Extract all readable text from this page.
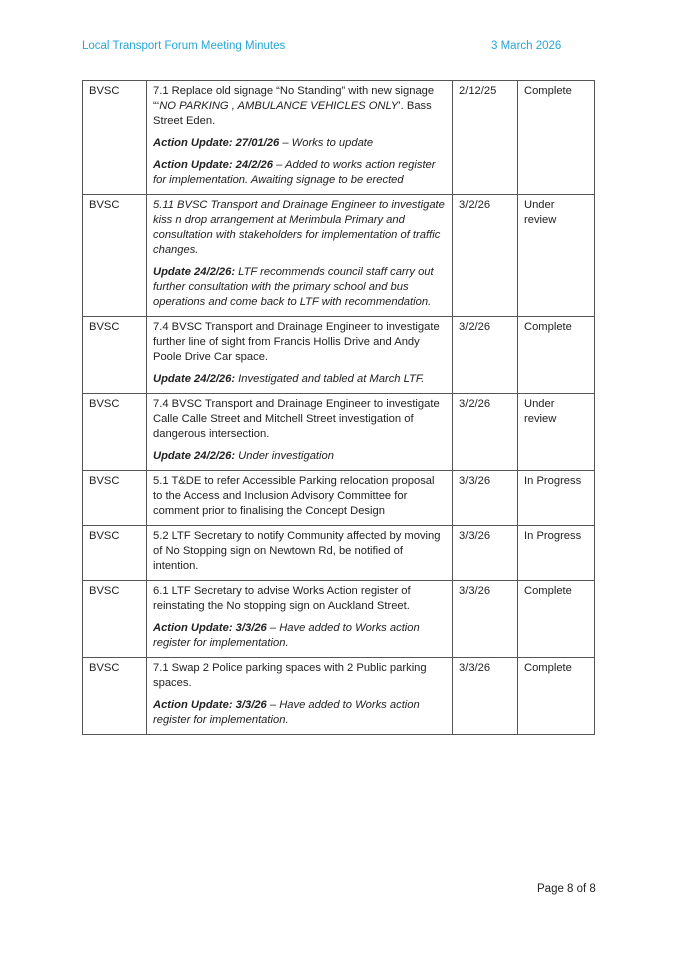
Local Transport Forum Meeting Minutes	3 March 2026
BVSC	7.1 Replace old signage “No Standing” with new signage “‘NO PARKING , AMBULANCE VEHICLES ONLY’. Bass Street Eden.

Action Update: 27/01/26 – Works to update

Action Update: 24/2/26 – Added to works action register for implementation. Awaiting signage to be erected	2/12/25	Complete
BVSC	5.11 BVSC Transport and Drainage Engineer to investigate kiss n drop arrangement at Merimbula Primary and consultation with stakeholders for implementation of traffic changes.

Update 24/2/26: LTF recommends council staff carry out further consultation with the primary school and bus operations and come back to LTF with recommendation.	3/2/26	Under review
BVSC	7.4 BVSC Transport and Drainage Engineer to investigate further line of sight from Francis Hollis Drive and Andy Poole Drive Car space.

Update 24/2/26: Investigated and tabled at March LTF.	3/2/26	Complete
BVSC	7.4 BVSC Transport and Drainage Engineer to investigate Calle Calle Street and Mitchell Street investigation of dangerous intersection.

Update 24/2/26: Under investigation	3/2/26	Under review
BVSC	5.1 T&DE to refer Accessible Parking relocation proposal to the Access and Inclusion Advisory Committee for comment prior to finalising the Concept Design	3/3/26	In Progress
BVSC	5.2 LTF Secretary to notify Community affected by moving of No Stopping sign on Newtown Rd, be notified of intention.	3/3/26	In Progress
BVSC	6.1 LTF Secretary to advise Works Action register of reinstating the No stopping sign on Auckland Street.

Action Update: 3/3/26 – Have added to Works action register for implementation.	3/3/26	Complete
BVSC	7.1 Swap 2 Police parking spaces with 2 Public parking spaces.

Action Update: 3/3/26 – Have added to Works action register for implementation.	3/3/26	Complete
Page 8 of 8
